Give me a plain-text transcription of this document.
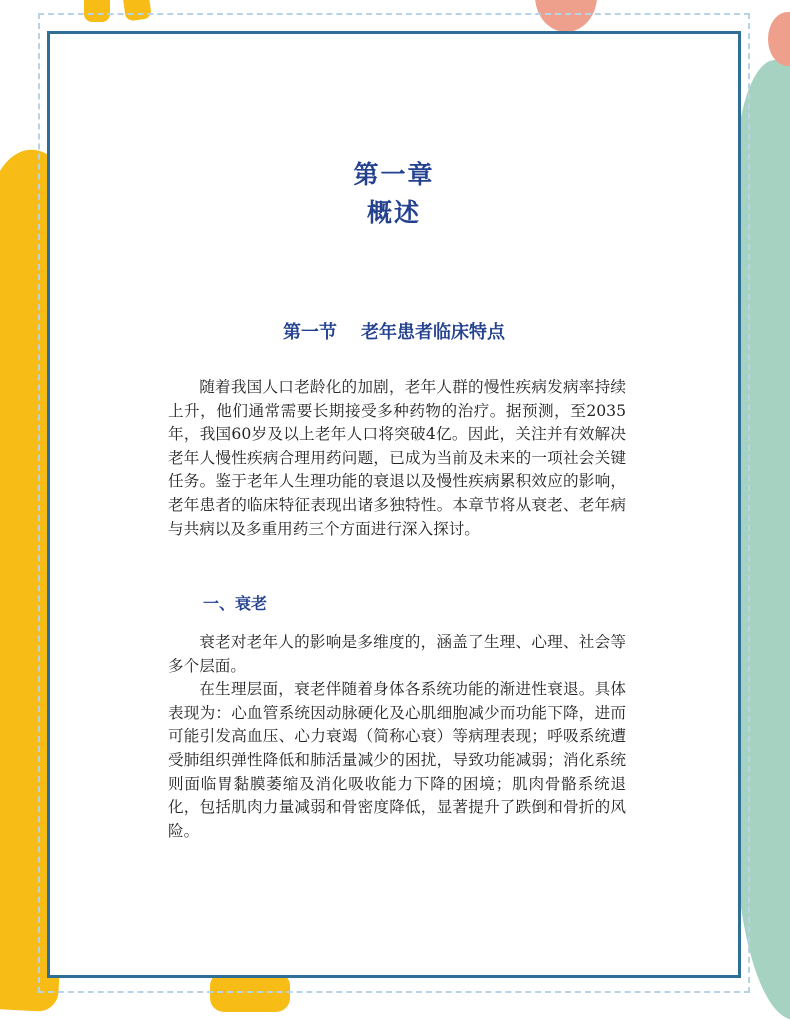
第一章
概述
第一节 老年患者临床特点

随着我国人口老龄化的加剧，老年人群的慢性疾病发病率持续上升，他们通常需要长期接受多种药物的治疗。据预测，至2035年，我国60岁及以上老年人口将突破4亿。因此，关注并有效解决老年人慢性疾病合理用药问题，已成为当前及未来的一项社会关键任务。鉴于老年人生理功能的衰退以及慢性疾病累积效应的影响，老年患者的临床特征表现出诸多独特性。本章节将从衰老、老年病与共病以及多重用药三个方面进行深入探讨。

一、衰老

衰老对老年人的影响是多维度的，涵盖了生理、心理、社会等多个层面。

在生理层面，衰老伴随着身体各系统功能的渐进性衰退。具体表现为：心血管系统因动脉硬化及心肌细胞减少而功能下降，进而可能引发高血压、心力衰竭（简称心衰）等病理表现；呼吸系统遭受肺组织弹性降低和肺活量减少的困扰，导致功能减弱；消化系统则面临胃黏膜萎缩及消化吸收能力下降的困境；肌肉骨骼系统退化，包括肌肉力量减弱和骨密度降低，显著提升了跌倒和骨折的风险。
